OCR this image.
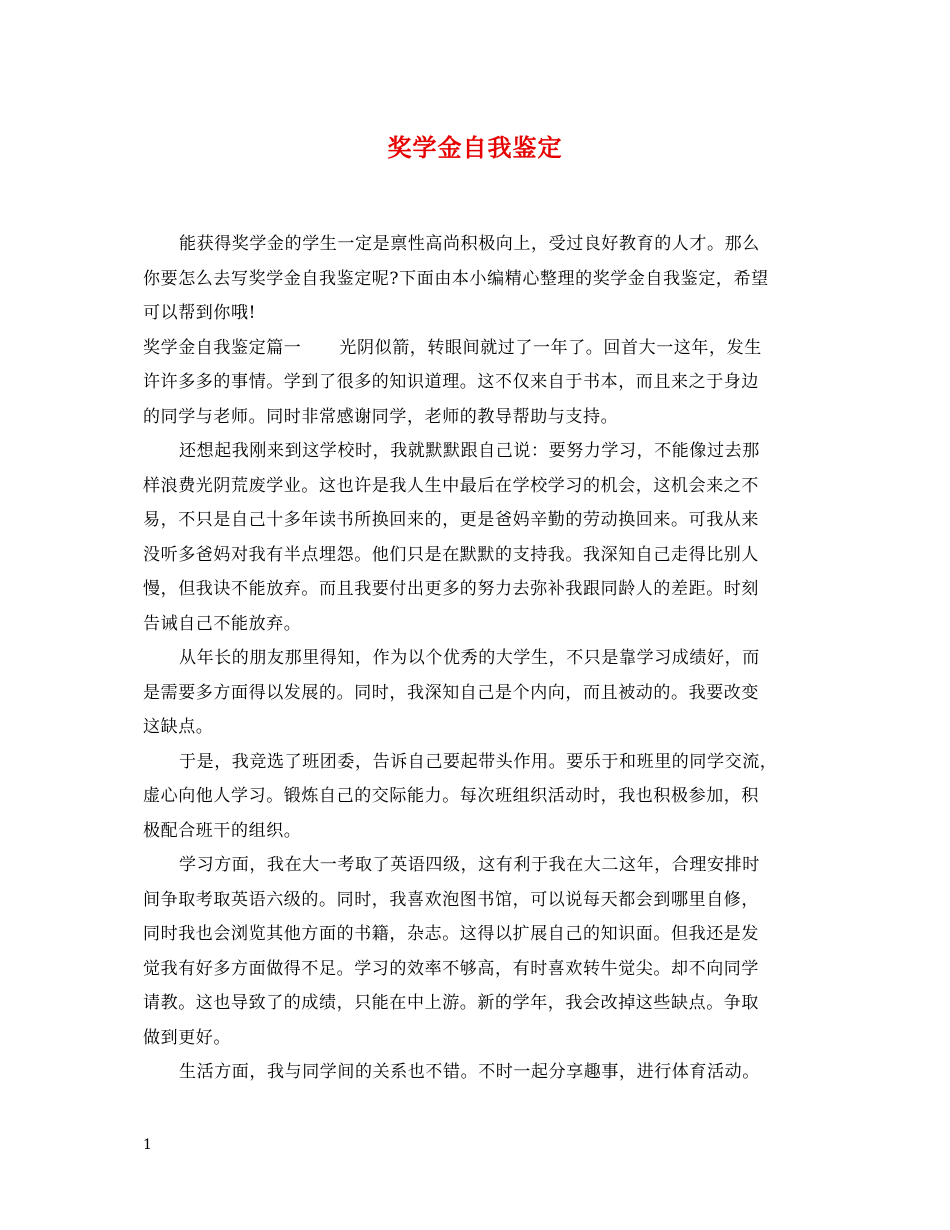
奖学金自我鉴定
能获得奖学金的学生一定是禀性高尚积极向上，受过良好教育的人才。那么
你要怎么去写奖学金自我鉴定呢?下面由本小编精心整理的奖学金自我鉴定，希望
可以帮到你哦!
奖学金自我鉴定篇一 光阴似箭，转眼间就过了一年了。回首大一这年，发生
许许多多的事情。学到了很多的知识道理。这不仅来自于书本，而且来之于身边
的同学与老师。同时非常感谢同学，老师的教导帮助与支持。
还想起我刚来到这学校时，我就默默跟自己说：要努力学习，不能像过去那
样浪费光阴荒废学业。这也许是我人生中最后在学校学习的机会，这机会来之不
易，不只是自己十多年读书所换回来的，更是爸妈辛勤的劳动换回来。可我从来
没听多爸妈对我有半点埋怨。他们只是在默默的支持我。我深知自己走得比别人
慢，但我诀不能放弃。而且我要付出更多的努力去弥补我跟同龄人的差距。时刻
告诫自己不能放弃。
从年长的朋友那里得知，作为以个优秀的大学生，不只是靠学习成绩好，而
是需要多方面得以发展的。同时，我深知自己是个内向，而且被动的。我要改变
这缺点。
于是，我竞选了班团委，告诉自己要起带头作用。要乐于和班里的同学交流，
虚心向他人学习。锻炼自己的交际能力。每次班组织活动时，我也积极参加，积
极配合班干的组织。
学习方面，我在大一考取了英语四级，这有利于我在大二这年，合理安排时
间争取考取英语六级的。同时，我喜欢泡图书馆，可以说每天都会到哪里自修，
同时我也会浏览其他方面的书籍，杂志。这得以扩展自己的知识面。但我还是发
觉我有好多方面做得不足。学习的效率不够高，有时喜欢转牛觉尖。却不向同学
请教。这也导致了的成绩，只能在中上游。新的学年，我会改掉这些缺点。争取
做到更好。
生活方面，我与同学间的关系也不错。不时一起分享趣事，进行体育活动。
1
